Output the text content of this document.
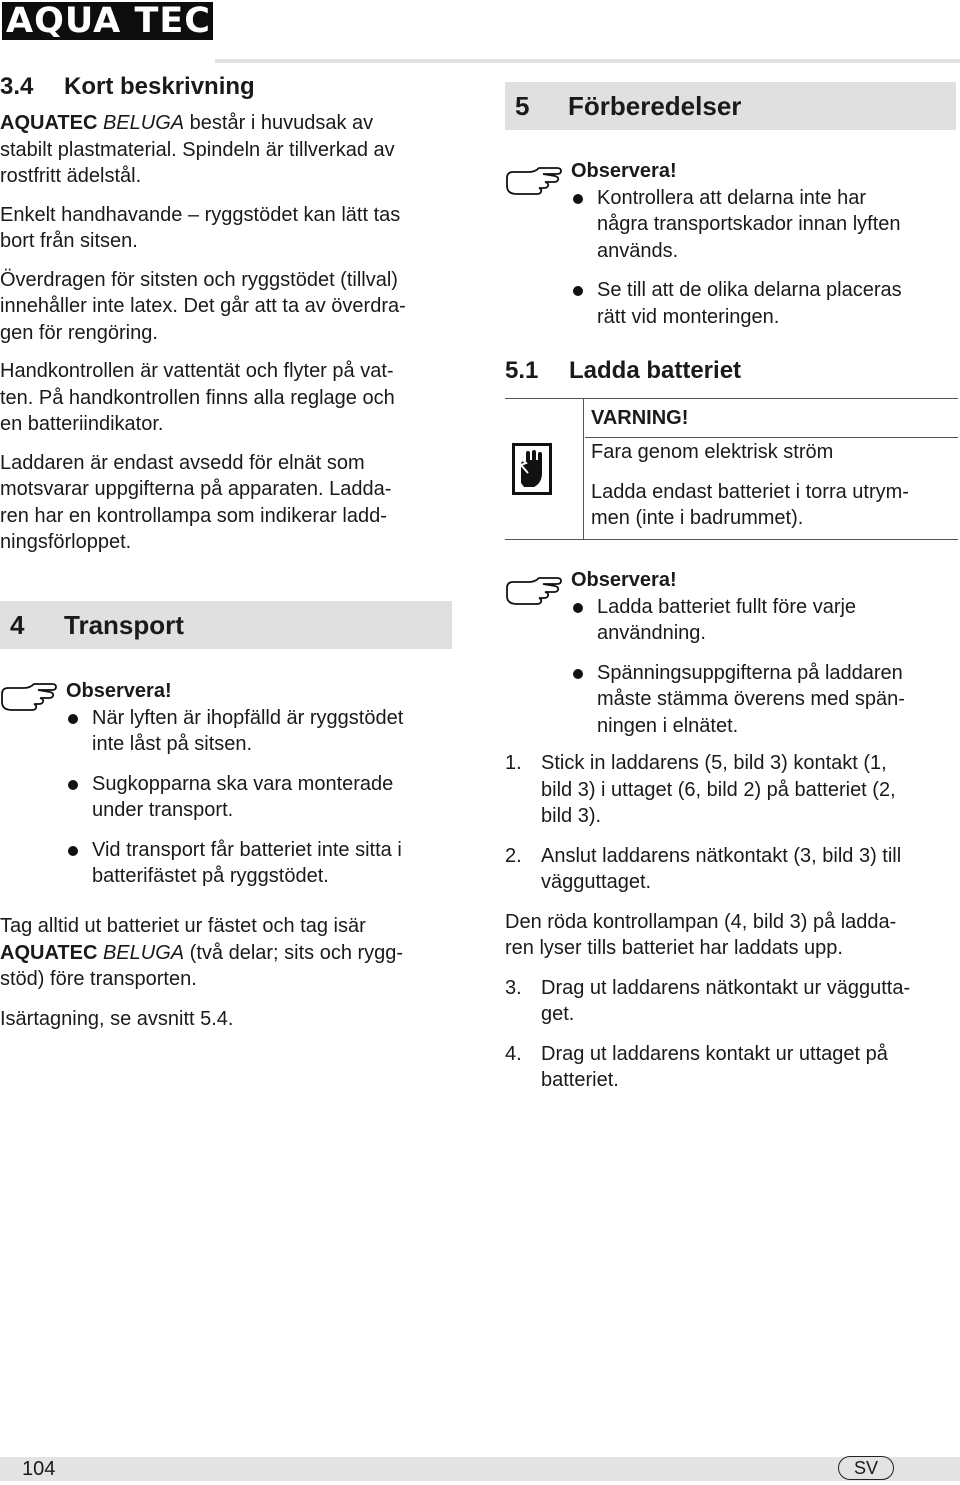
AQUA TEC®
3.4 Kort beskrivning

AQUATEC BELUGA består i huvudsak av
stabilt plastmaterial. Spindeln är tillverkad av
rostfritt ädelstål.

Enkelt handhavande – ryggstödet kan lätt tas
bort från sitsen.

Överdragen för sitsten och ryggstödet (tillval)
innehåller inte latex. Det går att ta av överdra-
gen för rengöring.

Handkontrollen är vattentät och flyter på vat-
ten. På handkontrollen finns alla reglage och
en batteriindikator.

Laddaren är endast avsedd för elnät som
motsvarar uppgifterna på apparaten. Ladda-
ren har en kontrollampa som indikerar ladd-
ningsförloppet.

4 Transport

Observera!

När lyften är ihopfälld är ryggstödet
inte låst på sitsen.

Sugkopparna ska vara monterade
under transport.

Vid transport får batteriet inte sitta i
batterifästet på ryggstödet.

Tag alltid ut batteriet ur fästet och tag isär
AQUATEC BELUGA (två delar; sits och rygg-
stöd) före transporten.

Isärtagning, se avsnitt 5.4.

5 Förberedelser

Observera!

Kontrollera att delarna inte har
några transportskador innan lyften
används.

Se till att de olika delarna placeras
rätt vid monteringen.

5.1 Ladda batteriet
VARNING!

Fara genom elektrisk ström

Ladda endast batteriet i torra utrym-
men (inte i badrummet).

Observera!

Ladda batteriet fullt före varje
användning.

Spänningsuppgifterna på laddaren
måste stämma överens med spän-
ningen i elnätet.

1. Stick in laddarens (5, bild 3) kontakt (1,
bild 3) i uttaget (6, bild 2) på batteriet (2,
bild 3).

2. Anslut laddarens nätkontakt (3, bild 3) till
vägguttaget.

Den röda kontrollampan (4, bild 3) på ladda-
ren lyser tills batteriet har laddats upp.

3. Drag ut laddarens nätkontakt ur väggutta-
get.

4. Drag ut laddarens kontakt ur uttaget på
batteriet.

104	SV
